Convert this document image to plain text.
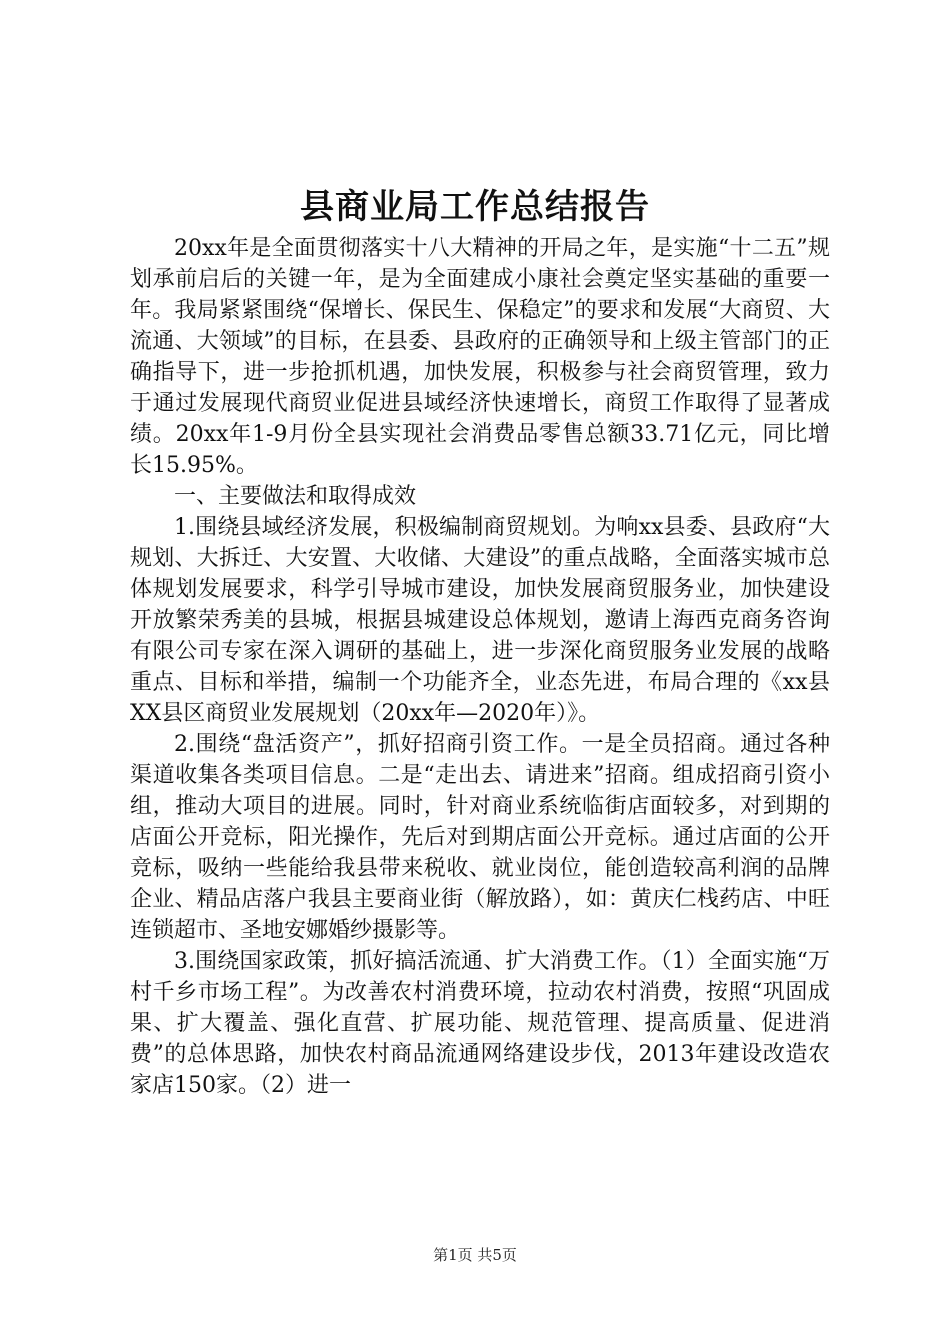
县商业局工作总结报告

20xx年是全面贯彻落实十八大精神的开局之年，是实施“十二五”规划承前启后的关键一年，是为全面建成小康社会奠定坚实基础的重要一年。我局紧紧围绕“保增长、保民生、保稳定”的要求和发展“大商贸、大流通、大领域”的目标，在县委、县政府的正确领导和上级主管部门的正确指导下，进一步抢抓机遇，加快发展，积极参与社会商贸管理，致力于通过发展现代商贸业促进县域经济快速增长，商贸工作取得了显著成绩。20xx年1-9月份全县实现社会消费品零售总额33.71亿元，同比增长15.95%。

一、主要做法和取得成效

1.围绕县域经济发展，积极编制商贸规划。为响xx县委、县政府“大规划、大拆迁、大安置、大收储、大建设”的重点战略，全面落实城市总体规划发展要求，科学引导城市建设，加快发展商贸服务业，加快建设开放繁荣秀美的县城，根据县城建设总体规划，邀请上海西克商务咨询有限公司专家在深入调研的基础上，进一步深化商贸服务业发展的战略重点、目标和举措，编制一个功能齐全，业态先进，布局合理的《xx县XX县区商贸业发展规划（20xx年—2020年）》。

2.围绕“盘活资产”，抓好招商引资工作。一是全员招商。通过各种渠道收集各类项目信息。二是“走出去、请进来”招商。组成招商引资小组，推动大项目的进展。同时，针对商业系统临街店面较多，对到期的店面公开竞标，阳光操作，先后对到期店面公开竞标。通过店面的公开竞标，吸纳一些能给我县带来税收、就业岗位，能创造较高利润的品牌企业、精品店落户我县主要商业街（解放路），如：黄庆仁栈药店、中旺连锁超市、圣地安娜婚纱摄影等。

3.围绕国家政策，抓好搞活流通、扩大消费工作。（1）全面实施“万村千乡市场工程”。为改善农村消费环境，拉动农村消费，按照“巩固成果、扩大覆盖、强化直营、扩展功能、规范管理、提高质量、促进消费”的总体思路，加快农村商品流通网络建设步伐，2013年建设改造农家店150家。（2）进一

第1页 共5页
